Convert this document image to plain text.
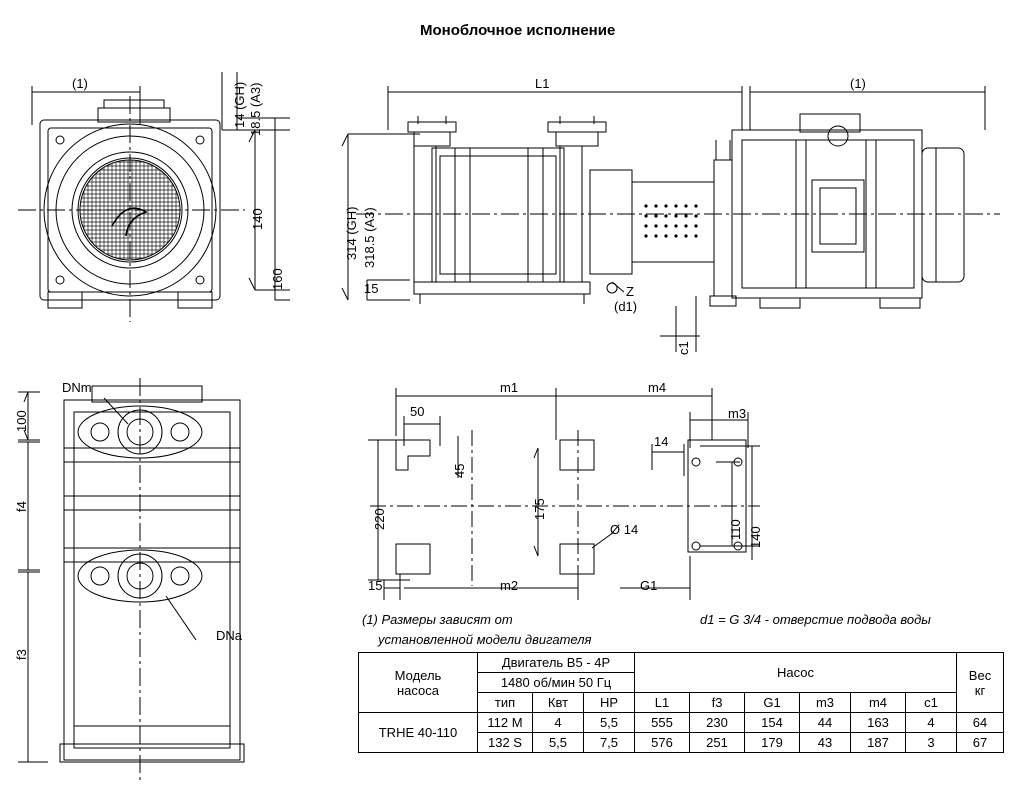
Моноблочное исполнение
(1)	14 (GH) 18.5 (A3)
140
160
L1	(1)
314 (GH) 318.5 (A3)
15	Z
(d1)
c1
DNm
DNa
100
f4
f3
m1	m4
m3
50
45
14
175
220	110 140
Ø 14
15	m2	G1
(1) Размеры зависят от
установленной модели двигателя
d1 = G 3/4 - отверстие подвода воды
Модель
насоса
	Двигатель B5 - 4P	Насос	Вес
кг

	1480 об/мин 50 Гц									
	тип	Квт	HP	L1	f3	G1	m3	m4	c1	
TRHE 40-110	112 M	4	5,5	555	230	154	44	163	4	64
	132 S	5,5	7,5	576	251	179	43	187	3	67
